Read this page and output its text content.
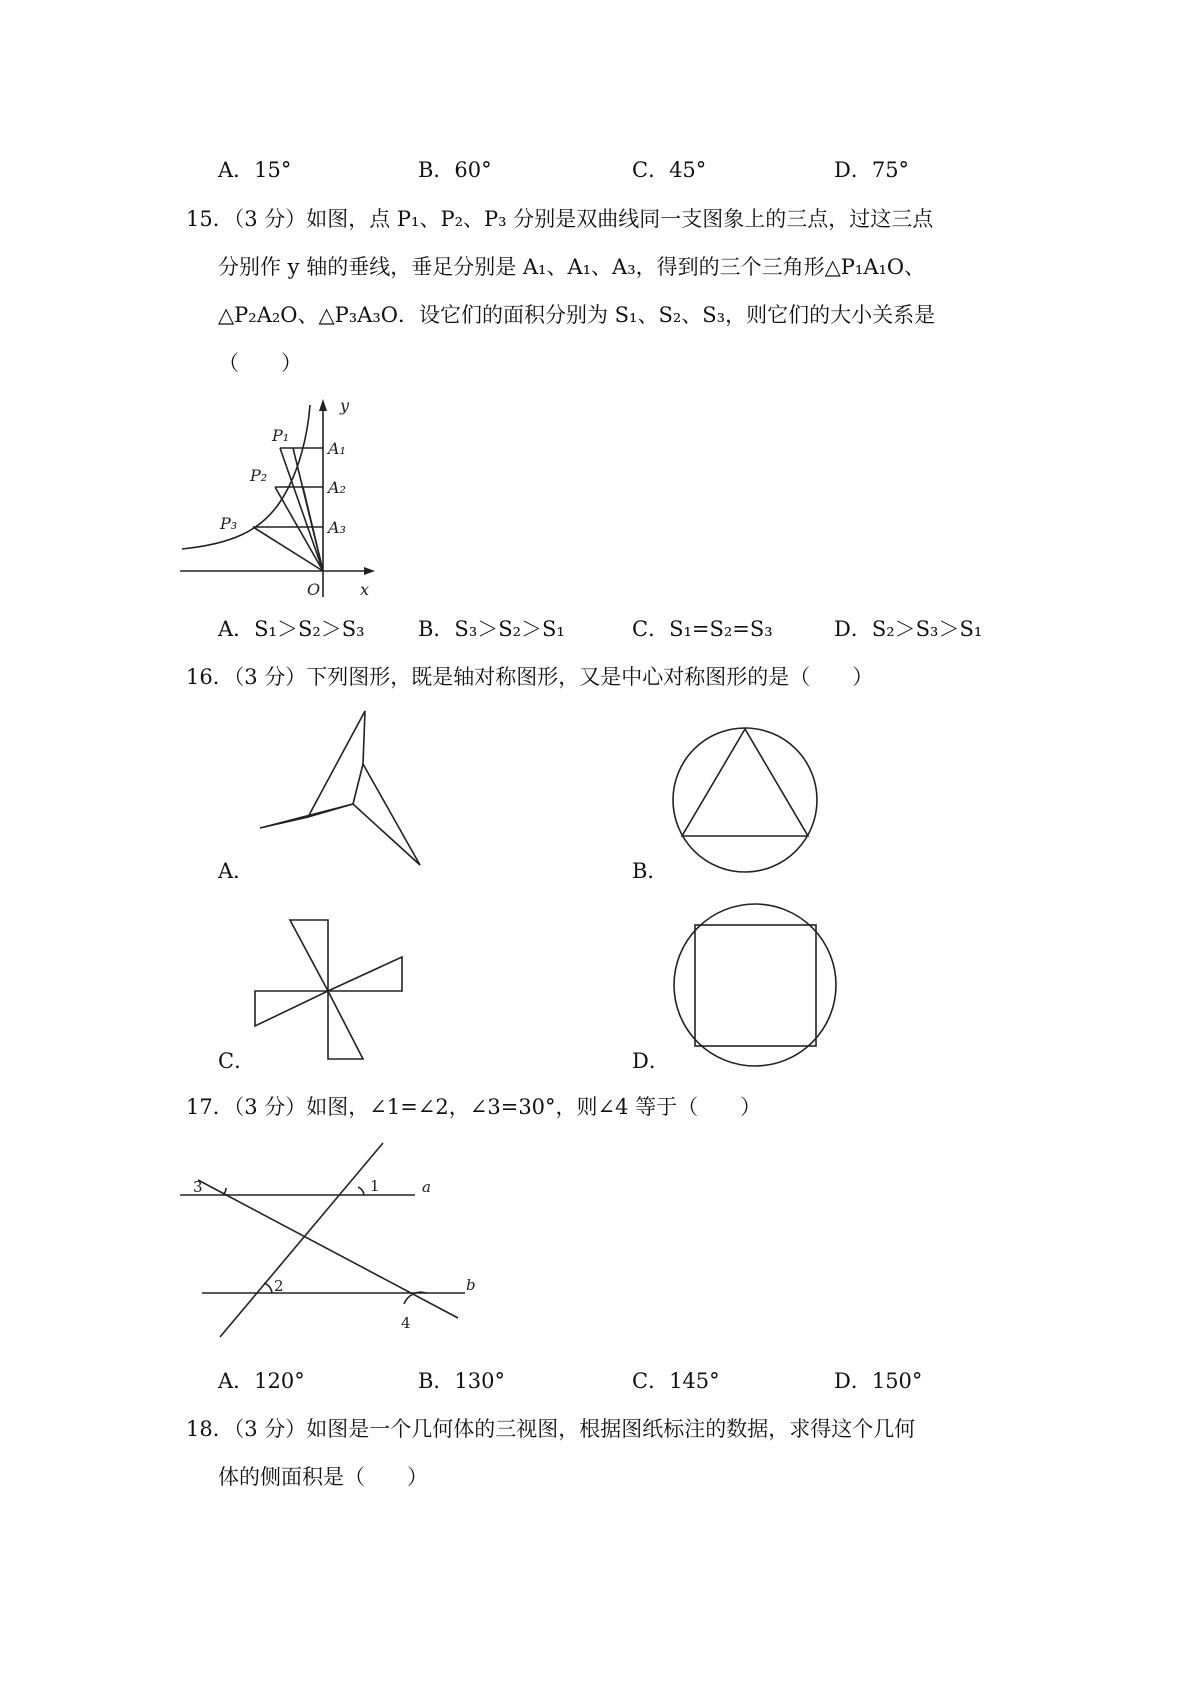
A．15°	B．60°	C．45°	D．75°
15．（3 分）如图，点 P₁、P₂、P₃ 分别是双曲线同一支图象上的三点，过这三点
分别作 y 轴的垂线，垂足分别是 A₁、A₁、A₃，得到的三个三角形△P₁A₁O、
△P₂A₂O、△P₃A₃O．设它们的面积分别为 S₁、S₂、S₃，则它们的大小关系是
（　　）
y
x
O
P₁
P₂
P₃
A₁
A₂
A₃
A．S₁＞S₂＞S₃	B．S₃＞S₂＞S₁	C．S₁=S₂=S₃	D．S₂＞S₃＞S₁
16．（3 分）下列图形，既是轴对称图形，又是中心对称图形的是（　　）
A．	B．
C．	D．
17．（3 分）如图，∠1=∠2，∠3=30°，则∠4 等于（　　）
3	1
2
4
a
b
A．120°	B．130°	C．145°	D．150°
18．（3 分）如图是一个几何体的三视图，根据图纸标注的数据，求得这个几何
体的侧面积是（　　）
